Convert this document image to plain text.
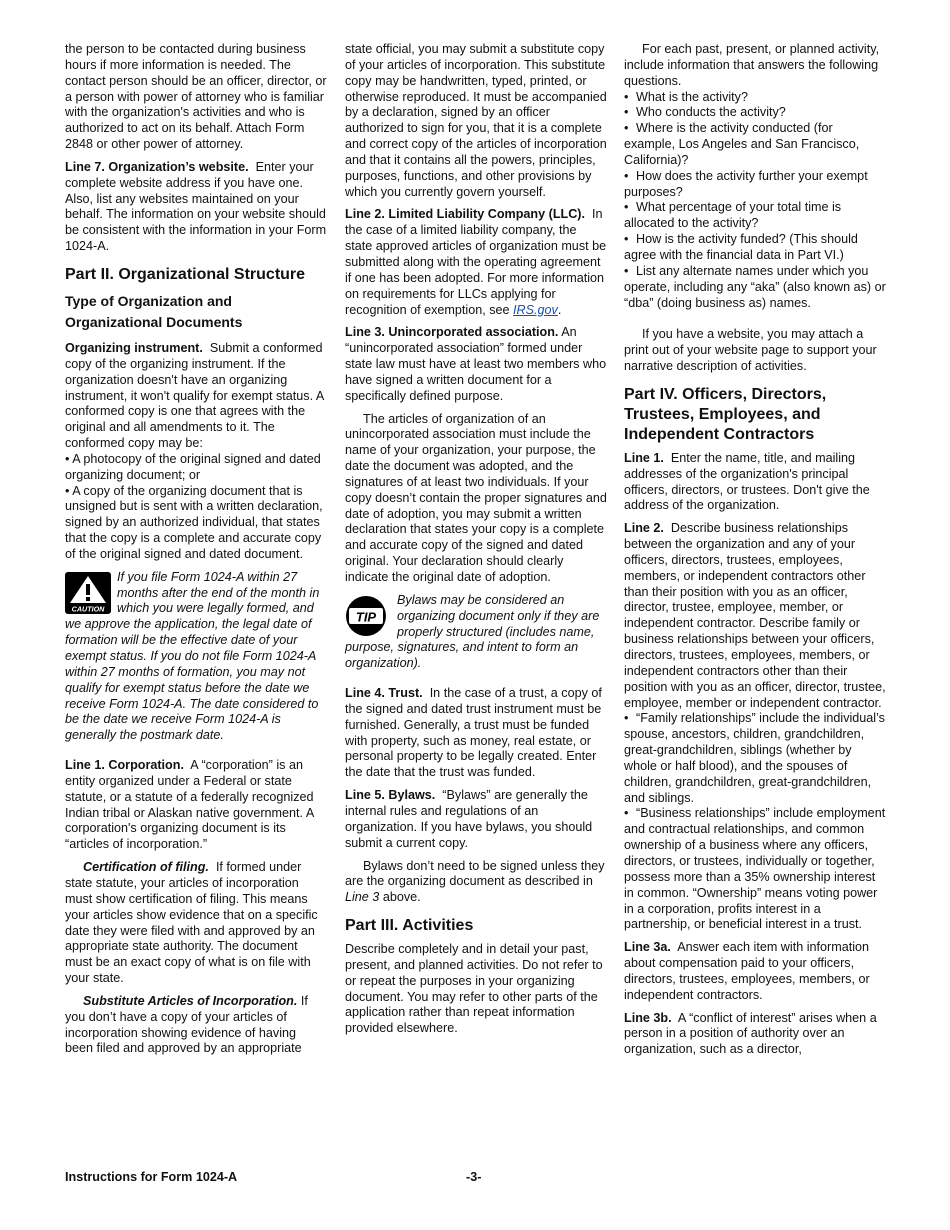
the person to be contacted during business hours if more information is needed. The contact person should be an officer, director, or a person with power of attorney who is familiar with the organization's activities and who is authorized to act on its behalf. Attach Form 2848 or other power of attorney.

Line 7. Organization’s website. Enter your complete website address if you have one. Also, list any websites maintained on your behalf. The information on your website should be consistent with the information in your Form 1024-A.

Part II. Organizational Structure
Type of Organization and Organizational Documents

Organizing instrument. Submit a conformed copy of the organizing instrument. If the organization doesn't have an organizing instrument, it won't qualify for exempt status. A conformed copy is one that agrees with the original and all amendments to it. The conformed copy may be:

• A photocopy of the original signed and dated organizing document; or

• A copy of the organizing document that is unsigned but is sent with a written declaration, signed by an authorized individual, that states that the copy is a complete and accurate copy of the original signed and dated document.

CAUTION
If you file Form 1024-A within 27 months after the end of the month in which you were legally formed, and we approve the application, the legal date of formation will be the effective date of your exempt status. If you do not file Form 1024-A within 27 months of formation, you may not qualify for exempt status before the date we receive Form 1024-A. The date considered to be the date we receive Form 1024-A is generally the postmark date.

Line 1. Corporation. A “corporation” is an entity organized under a Federal or state statute, or a statute of a federally recognized Indian tribal or Alaskan native government. A corporation's organizing document is its “articles of incorporation.”

Certification of filing. If formed under state statute, your articles of incorporation must show certification of filing. This means your articles show evidence that on a specific date they were filed with and approved by an appropriate state authority. The document must be an exact copy of what is on file with your state.

Substitute Articles of Incorporation. If you don’t have a copy of your articles of incorporation showing evidence of having been filed and approved by an appropriate

state official, you may submit a substitute copy of your articles of incorporation. This substitute copy may be handwritten, typed, printed, or otherwise reproduced. It must be accompanied by a declaration, signed by an officer authorized to sign for you, that it is a complete and correct copy of the articles of incorporation and that it contains all the powers, principles, purposes, functions, and other provisions by which you currently govern yourself.

Line 2. Limited Liability Company (LLC). In the case of a limited liability company, the state approved articles of organization must be submitted along with the operating agreement if one has been adopted. For more information on requirements for LLCs applying for recognition of exemption, see IRS.gov.

Line 3. Unincorporated association. An “unincorporated association” formed under state law must have at least two members who have signed a written document for a specifically defined purpose.

The articles of organization of an unincorporated association must include the name of your organization, your purpose, the date the document was adopted, and the signatures of at least two individuals. If your copy doesn’t contain the proper signatures and date of adoption, you may submit a written declaration that states your copy is a complete and accurate copy of the signed and dated original. Your declaration should clearly indicate the original date of adoption.

TIP
Bylaws may be considered an organizing document only if they are properly structured (includes name, purpose, signatures, and intent to form an organization).

Line 4. Trust. In the case of a trust, a copy of the signed and dated trust instrument must be furnished. Generally, a trust must be funded with property, such as money, real estate, or personal property to be legally created. Enter the date that the trust was funded.

Line 5. Bylaws. “Bylaws” are generally the internal rules and regulations of an organization. If you have bylaws, you should submit a current copy.

Bylaws don’t need to be signed unless they are the organizing document as described in Line 3 above.

Part III. Activities

Describe completely and in detail your past, present, and planned activities. Do not refer to or repeat the purposes in your organizing document. You may refer to other parts of the application rather than repeat information provided elsewhere.

For each past, present, or planned activity, include information that answers the following questions.

• What is the activity?
• Who conducts the activity?
• Where is the activity conducted (for example, Los Angeles and San Francisco, California)?
• How does the activity further your exempt purposes?
• What percentage of your total time is allocated to the activity?
• How is the activity funded? (This should agree with the financial data in Part VI.)
• List any alternate names under which you operate, including any “aka” (also known as) or “dba” (doing business as) names.

If you have a website, you may attach a print out of your website page to support your narrative description of activities.

Part IV. Officers, Directors, Trustees, Employees, and Independent Contractors

Line 1. Enter the name, title, and mailing addresses of the organization's principal officers, directors, or trustees. Don't give the address of the organization.

Line 2. Describe business relationships between the organization and any of your officers, directors, trustees, employees, members, or independent contractors other than their position with you as an officer, director, trustee, employee, member, or independent contractor. Describe family or business relationships between your officers, directors, trustees, employees, members, or independent contractors other than their position with you as an officer, director, trustee, employee, member or independent contractor.

• “Family relationships” include the individual’s spouse, ancestors, children, grandchildren, great-grandchildren, siblings (whether by whole or half blood), and the spouses of children, grandchildren, great-grandchildren, and siblings.

• “Business relationships” include employment and contractual relationships, and common ownership of a business where any officers, directors, or trustees, individually or together, possess more than a 35% ownership interest in common. “Ownership” means voting power in a corporation, profits interest in a partnership, or beneficial interest in a trust.

Line 3a. Answer each item with information about compensation paid to your officers, directors, trustees, employees, members, or independent contractors.

Line 3b. A “conflict of interest” arises when a person in a position of authority over an organization, such as a director,

Instructions for Form 1024-A	-3-
